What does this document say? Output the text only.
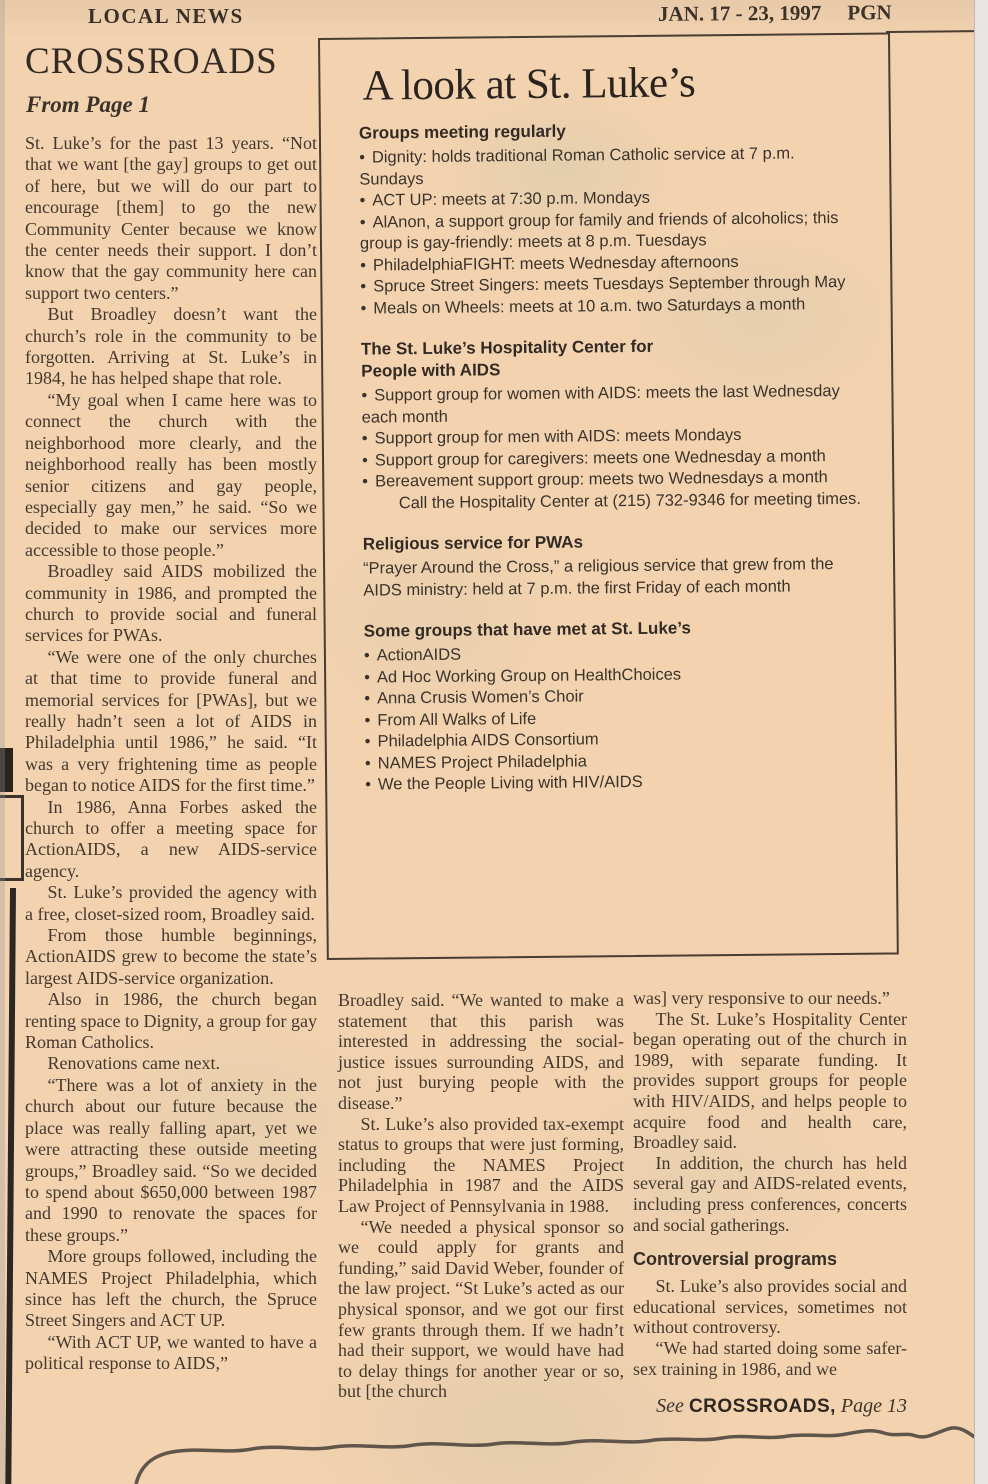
LOCAL NEWS	JAN. 17 - 23, 1997 PGN
CROSSROADS
From Page 1

St. Luke’s for the past 13 years. “Not that we want [the gay] groups to get out of here, but we will do our part to encourage [them] to go the new Community Center because we know the center needs their support. I don’t know that the gay community here can support two centers.”

But Broadley doesn’t want the church’s role in the community to be forgotten. Arriving at St. Luke’s in 1984, he has helped shape that role.

“My goal when I came here was to connect the church with the neighborhood more clearly, and the neighborhood really has been mostly senior citizens and gay people, especially gay men,” he said. “So we decided to make our services more accessible to those people.”

Broadley said AIDS mobilized the community in 1986, and prompted the church to provide social and funeral services for PWAs.

“We were one of the only churches at that time to provide funeral and memorial services for [PWAs], but we really hadn’t seen a lot of AIDS in Philadelphia until 1986,” he said. “It was a very frightening time as people began to notice AIDS for the first time.”

In 1986, Anna Forbes asked the church to offer a meeting space for ActionAIDS, a new AIDS-service agency.

St. Luke’s provided the agency with a free, closet-sized room, Broadley said.

From those humble beginnings, ActionAIDS grew to become the state’s largest AIDS-service organization.

Also in 1986, the church began renting space to Dignity, a group for gay Roman Catholics.

Renovations came next.

“There was a lot of anxiety in the church about our future because the place was really falling apart, yet we were attracting these outside meeting groups,” Broadley said. “So we decided to spend about $650,000 between 1987 and 1990 to renovate the spaces for these groups.”

More groups followed, including the NAMES Project Philadelphia, which since has left the church, the Spruce Street Singers and ACT UP.

“With ACT UP, we wanted to have a political response to AIDS,”

A look at St. Luke’s

Groups meeting regularly

• Dignity: holds traditional Roman Catholic service at 7 p.m. Sundays

• ACT UP: meets at 7:30 p.m. Mondays

• AlAnon, a support group for family and friends of alcoholics; this group is gay-friendly: meets at 8 p.m. Tuesdays

• PhiladelphiaFIGHT: meets Wednesday afternoons

• Spruce Street Singers: meets Tuesdays September through May

• Meals on Wheels: meets at 10 a.m. two Saturdays a month

The St. Luke’s Hospitality Center for People with AIDS

• Support group for women with AIDS: meets the last Wednesday each month

• Support group for men with AIDS: meets Mondays

• Support group for caregivers: meets one Wednesday a month

• Bereavement support group: meets two Wednesdays a month

Call the Hospitality Center at (215) 732-9346 for meeting times.

Religious service for PWAs

“Prayer Around the Cross,” a religious service that grew from the AIDS ministry: held at 7 p.m. the first Friday of each month

Some groups that have met at St. Luke’s

• ActionAIDS

• Ad Hoc Working Group on HealthChoices

• Anna Crusis Women’s Choir

• From All Walks of Life

• Philadelphia AIDS Consortium

• NAMES Project Philadelphia

• We the People Living with HIV/AIDS

Broadley said. “We wanted to make a statement that this parish was interested in addressing the social-justice issues surrounding AIDS, and not just burying people with the disease.”

St. Luke’s also provided tax-exempt status to groups that were just forming, including the NAMES Project Philadelphia in 1987 and the AIDS Law Project of Pennsylvania in 1988.

“We needed a physical sponsor so we could apply for grants and funding,” said David Weber, founder of the law project. “St Luke’s acted as our physical sponsor, and we got our first few grants through them. If we hadn’t had their support, we would have had to delay things for another year or so, but [the church

was] very responsive to our needs.”

The St. Luke’s Hospitality Center began operating out of the church in 1989, with separate funding. It provides support groups for people with HIV/AIDS, and helps people to acquire food and health care, Broadley said.

In addition, the church has held several gay and AIDS-related events, including press conferences, concerts and social gatherings.

Controversial programs

St. Luke’s also provides social and educational services, sometimes not without controversy.

“We had started doing some safer-sex training in 1986, and we

See CROSSROADS, Page 13
